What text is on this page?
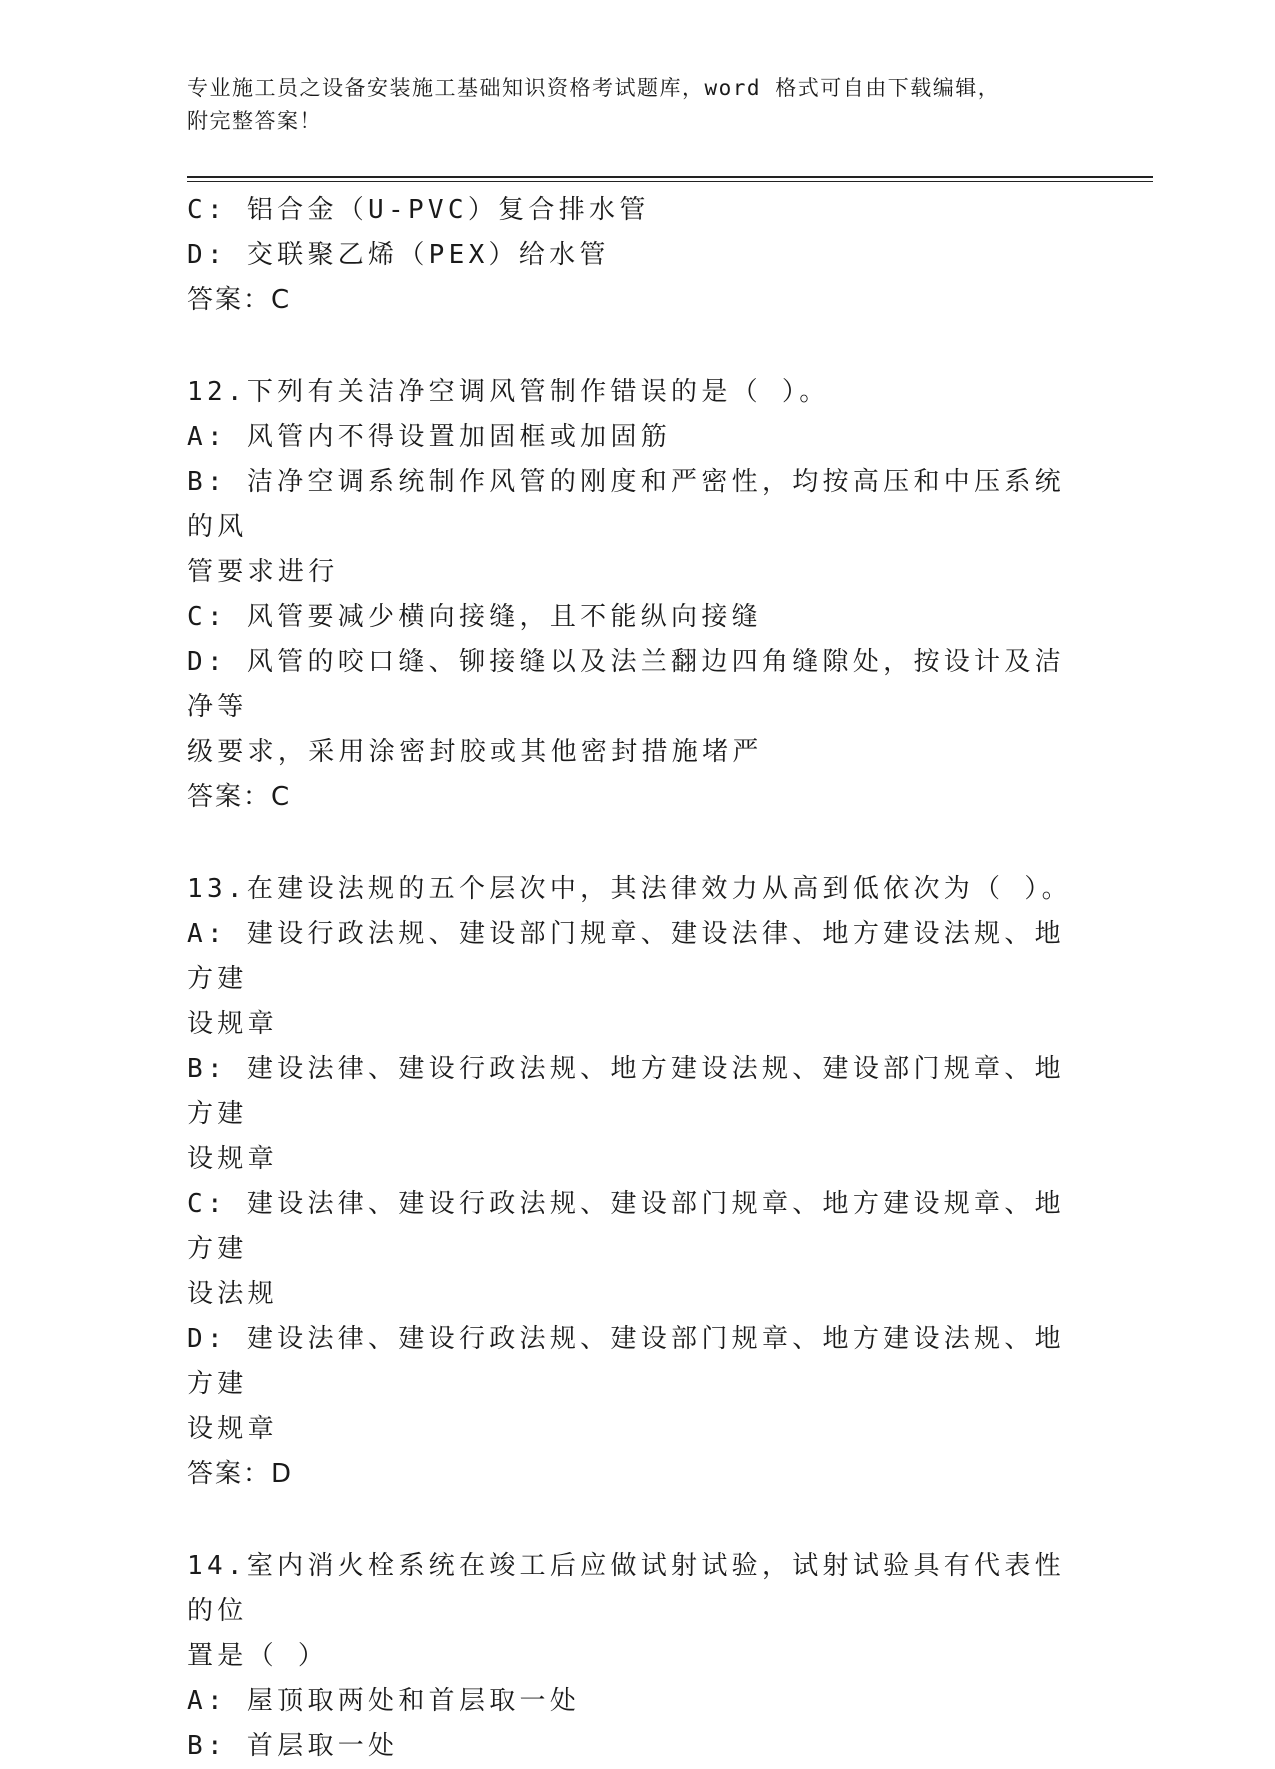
专业施工员之设备安装施工基础知识资格考试题库，word 格式可自由下载编辑，
附完整答案！
C: 铝合金（U-PVC）复合排水管
D: 交联聚乙烯（PEX）给水管
答案：C
12.下列有关洁净空调风管制作错误的是（ ）。
A: 风管内不得设置加固框或加固筋
B: 洁净空调系统制作风管的刚度和严密性，均按高压和中压系统的风
管要求进行
C: 风管要减少横向接缝，且不能纵向接缝
D: 风管的咬口缝、铆接缝以及法兰翻边四角缝隙处，按设计及洁净等
级要求，采用涂密封胶或其他密封措施堵严
答案：C
13.在建设法规的五个层次中，其法律效力从高到低依次为（ ）。
A: 建设行政法规、建设部门规章、建设法律、地方建设法规、地方建
设规章
B: 建设法律、建设行政法规、地方建设法规、建设部门规章、地方建
设规章
C: 建设法律、建设行政法规、建设部门规章、地方建设规章、地方建
设法规
D: 建设法律、建设行政法规、建设部门规章、地方建设法规、地方建
设规章
答案：D
14.室内消火栓系统在竣工后应做试射试验，试射试验具有代表性的位
置是（ ）
A: 屋顶取两处和首层取一处
B: 首层取一处
